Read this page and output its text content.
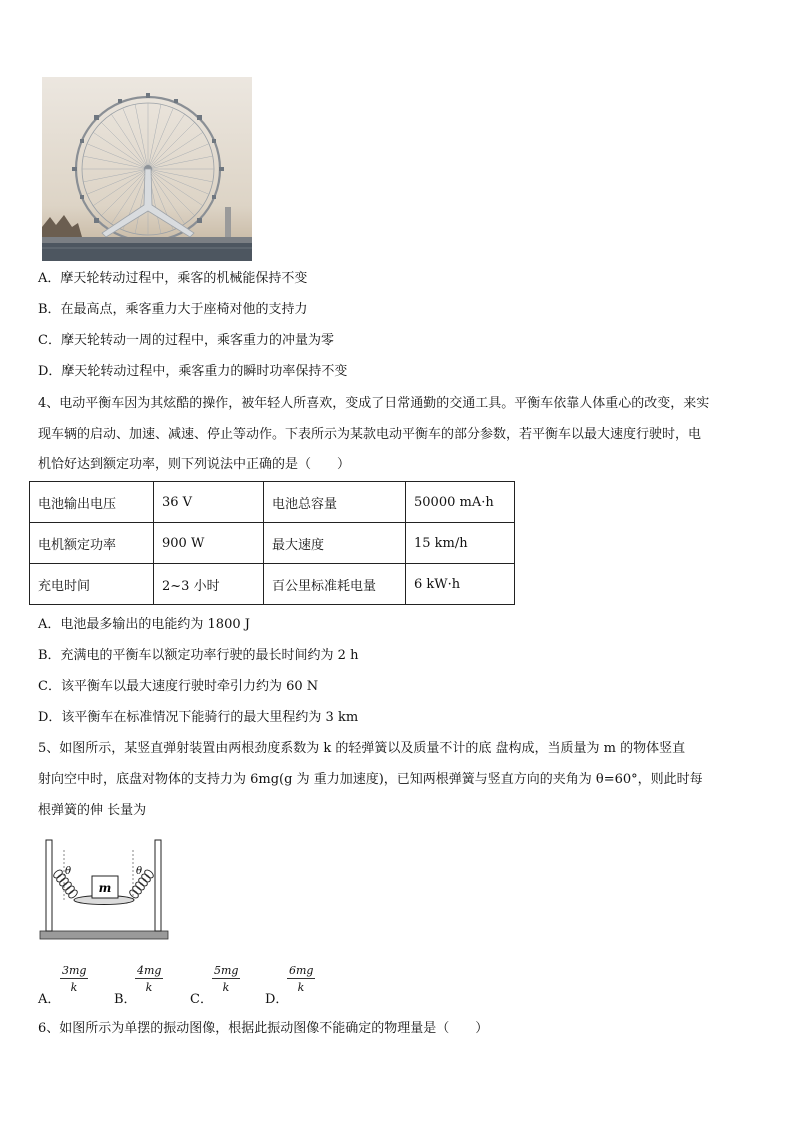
A．摩天轮转动过程中，乘客的机械能保持不变
B．在最高点，乘客重力大于座椅对他的支持力
C．摩天轮转动一周的过程中，乘客重力的冲量为零
D．摩天轮转动过程中，乘客重力的瞬时功率保持不变
4、电动平衡车因为其炫酷的操作，被年轻人所喜欢，变成了日常通勤的交通工具。平衡车依靠人体重心的改变，来实
现车辆的启动、加速、减速、停止等动作。下表所示为某款电动平衡车的部分参数，若平衡车以最大速度行驶时，电
机恰好达到额定功率，则下列说法中正确的是（　　）
电池输出电压	36 V	电池总容量	50000 mA·h
电机额定功率	900 W	最大速度	15 km/h
充电时间	2~3 小时	百公里标准耗电量	6 kW·h
A．电池最多输出的电能约为 1800 J
B．充满电的平衡车以额定功率行驶的最长时间约为 2 h
C．该平衡车以最大速度行驶时牵引力约为 60 N
D．该平衡车在标准情况下能骑行的最大里程约为 3 km
5、如图所示，某竖直弹射装置由两根劲度系数为 k 的轻弹簧以及质量不计的底 盘构成，当质量为 m 的物体竖直
射向空中时，底盘对物体的支持力为 6mg(g 为 重力加速度)，已知两根弹簧与竖直方向的夹角为 θ=60°，则此时每
根弹簧的伸 长量为
m
θ	θ
A．
$\frac{3mg}{k}$
B．
$\frac{4mg}{k}$
C．
$\frac{5mg}{k}$
D．
$\frac{6mg}{k}$
6、如图所示为单摆的振动图像，根据此振动图像不能确定的物理量是（　　）
